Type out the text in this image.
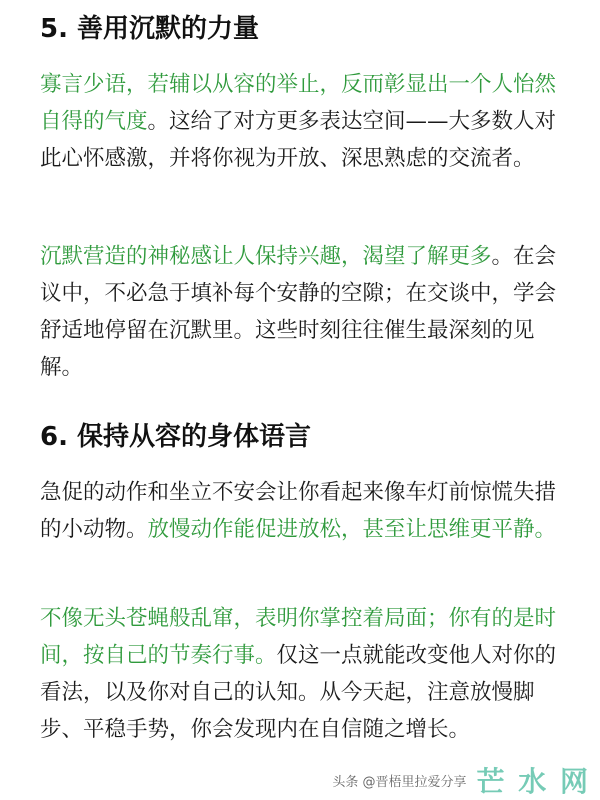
5. 善用沉默的力量

寡言少语，若辅以从容的举止，反而彰显出一个人怡然自得的气度。这给了对方更多表达空间——大多数人对此心怀感激，并将你视为开放、深思熟虑的交流者。

沉默营造的神秘感让人保持兴趣，渴望了解更多。在会议中，不必急于填补每个安静的空隙；在交谈中，学会舒适地停留在沉默里。这些时刻往往催生最深刻的见解。

6. 保持从容的身体语言

急促的动作和坐立不安会让你看起来像车灯前惊慌失措的小动物。放慢动作能促进放松，甚至让思维更平静。

不像无头苍蝇般乱窜，表明你掌控着局面；你有的是时间，按自己的节奏行事。仅这一点就能改变他人对你的看法，以及你对自己的认知。从今天起，注意放慢脚步、平稳手势，你会发现内在自信随之增长。

头条 @晋梧里拉爱分享 芒 水 网
